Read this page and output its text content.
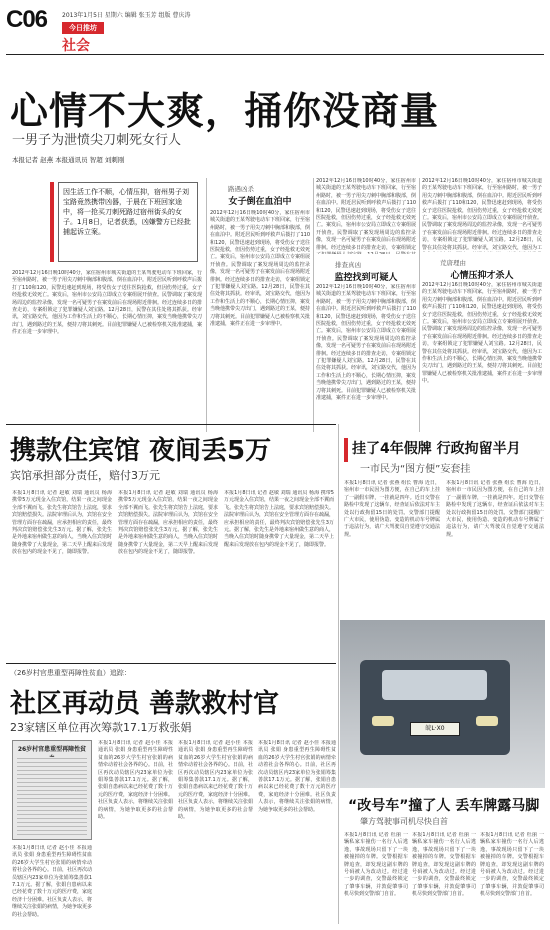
C06 2013年1月5日 星期六 编辑 张玉芳 组版 曹庆涛
今日推坊
社会
心情不大爽，捅你没商量
一男子为泄愤尖刀刺死女行人
本报记者 赵燕 本报通讯员 智超 刘刺刚
因生活工作不顺，心情压抑，宿州男子刘宝路竟然携带凶器，于晨在下班回家途中，将一抢买刀刺死路过宿州街头的女子。1月8日，记者获悉，凶嫌警方已经批捕起诉立案。
路遇凶杀
女子倒在血泊中
2012年12月16日晚10时40分，家住宿州市城关街道的王某驾驶电动车下班回家，行至宿州路时，被一男子用尖刀刺中胸部和腹部，倒在血泊中。附近居民听到呼救声后拨打了110和120，民警迅速赶到现场，将受伤女子送往医院抢救，但因伤势过重，女子经抢救无效死亡。案发后，宿州市公安局立即成立专案组展开侦查。民警调取了案发现场周边的监控录像，发现一名可疑男子在案发前后在现场附近徘徊。经过连续多日的排查走访，专案组锁定了犯罪嫌疑人刘宝路。12月28日，民警在其住处将其抓获。经审讯，刘宝路交代，他因为工作和生活上的不顺心，长期心情压抑，案发当晚他携带尖刀出门，遇到路过的王某，便持刀将其刺死。目前犯罪嫌疑人已被检察机关批准逮捕，案件正在进一步审理中。
2012年12月16日晚10时40分，家住宿州市城关街道的王某驾驶电动车下班回家，行至宿州路时，被一男子用尖刀刺中胸部和腹部，倒在血泊中。附近居民听到呼救声后拨打了110和120，民警迅速赶到现场，将受伤女子送往医院抢救，但因伤势过重，女子经抢救无效死亡。案发后，宿州市公安局立即成立专案组展开侦查。民警调取了案发现场周边的监控录像，发现一名可疑男子在案发前后在现场附近徘徊。经过连续多日的排查走访，专案组锁定
排查真凶
监控找到可疑人
2012年12月16日晚10时40分，家住宿州市城关街道的王某驾驶电动车下班回家，行至宿州路时，被一男子用尖刀刺中胸部和腹部，倒在血泊中。附近居民听到呼救声后拨打了110和120，民警迅速赶到现场，将受伤女子送往医院抢救，但因伤势过重，女子经抢救无效死亡。案发后，宿州市公安局立即成立专案组展开侦查。民警调取了案发现场周边的监控录像，发现一名可疑男子在案发前后在现场附近徘徊。经过连续多日的排查走访，专案组锁定了犯罪嫌疑人刘宝路。12月28日，民警在其住处将其抓获。经审讯，刘宝路交代，他因为工作和生活上的不顺心，长期心情压抑，案发当晚他携带尖刀出门，遇到路过的王某，便持刀将其刺死。目前犯罪嫌疑人已被检察机关批准逮捕，案件正在进一步审理中。
2012年12月16日晚10时40分，家住宿州市城关街道的王某驾驶电动车下班回家，行至宿州路时，被一男子用尖刀刺中胸部和腹部，倒在血泊中。附近居民听到呼救声后拨打了110和120，民警迅速赶到现场，将受伤女子送往医院抢救，但因伤势过重，女子经抢救无效死亡。案发后，宿州市公安局立即成立专案组展开侦查。民警调取了案发现场周边的监控录像，发现一名可疑男子在案发前后在现场附近徘徊。经过连续多日的排查走访，专案组锁定了犯罪嫌疑人刘宝路。12月28日，民警在其住处将其抓获。经审讯，刘宝路交代，他因为工
荒唐理由
心情压抑才杀人
2012年12月16日晚10时40分，家住宿州市城关街道的王某驾驶电动车下班回家，行至宿州路时，被一男子用尖刀刺中胸部和腹部，倒在血泊中。附近居民听到呼救声后拨打了110和120，民警迅速赶到现场，将受伤女子送往医院抢救，但因伤势过重，女子经抢救无效死亡。案发后，宿州市公安局立即成立专案组展开侦查。民警调取了案发现场周边的监控录像，发现一名可疑男子在案发前后在现场附近徘徊。经过连续多日的排查走访，专案组锁定了犯罪嫌疑人刘宝路。12月28日，民警在其住处将其抓获。经审讯，刘宝路交代，他因为工作和生活上的不顺心，长期心情压抑，案发当晚他携带尖刀出门，遇到路过的王某，便持刀将其刺死。目前犯罪嫌疑人已被检察机关批准逮捕，案件正在进一步审理中。
2012年12月16日晚10时40分，家住宿州市城关街道的王某驾驶电动车下班回家，行至宿州路时，被一男子用尖刀刺中胸部和腹部，倒在血泊中。附近居民听到呼救声后拨打了110和120，民警迅速赶到现场，将受伤女子送往医院抢救，但因伤势过重，女子经抢救无效死亡。案发后，宿州市公安局立即成立专案组展开侦查。民警调取了案发现场周边的监控录像，发现一名可疑男子在案发前后在现场附近徘徊。经过连续多日的排查走访，专案组锁定了犯罪嫌疑人刘宝路。12月28日，民警在其住处将其抓获。经审讯，刘宝路交代，他因为工作和生活上的不顺心，长期心情压抑，案发当晚他携带尖刀出门，遇到路过的王某，便持刀将其刺死。目前犯罪嫌疑人已被检察机关批准逮捕，案件正在进一步审理中。
携款住宾馆 夜间丢5万
宾馆承担部分责任，赔付3万元
本报1月8日讯 记者 赵敏 刘瑞 通讯员 杨海 携带5万元现金入住宾馆，结果一夜之间现金全部不翼而飞。张先生将宾馆告上法庭，要求宾馆赔偿损失。法院审理后认为，宾馆在安全管理方面存在疏漏，应承担相应的责任，最终判决宾馆赔偿张先生3万元。据了解，张先生是外地来宿州做生意的商人，当晚入住宾馆时随身携带了大量现金，第二天早上醒来后发现放在包内的现金不见了，随即报警。
本报1月8日讯 记者 赵敏 刘瑞 通讯员 杨海 携带5万元现金入住宾馆，结果一夜之间现金全部不翼而飞。张先生将宾馆告上法庭，要求宾馆赔偿损失。法院审理后认为，宾馆在安全管理方面存在疏漏，应承担相应的责任，最终判决宾馆赔偿张先生3万元。据了解，张先生是外地来宿州做生意的商人，当晚入住宾馆时随身携带了大量现金，第二天早上醒来后发现放在包内的现金不见了，随即报警。
本报1月8日讯 记者 赵敏 刘瑞 通讯员 杨海 携带5万元现金入住宾馆，结果一夜之间现金全部不翼而飞。张先生将宾馆告上法庭，要求宾馆赔偿损失。法院审理后认为，宾馆在安全管理方面存在疏漏，应承担相应的责任，最终判决宾馆赔偿张先生3万元。据了解，张先生是外地来宿州做生意的商人，当晚入住宾馆时随身携带了大量现金，第二天早上醒来后发现放在包内的现金不见了，随即报警。
挂了4年假牌 行政拘留半月
一市民为“图方便”妄套挂
本报1月8日讯 记者 张燕 组长 曹海 近日，宿州市一市民因为图方便，在自己的车上挂了一副假车牌，一挂就是四年。近日交警在路检中发现了这辆车，经查证后依法对车主处以行政拘留15日的处罚。交警部门提醒广大市民，使用伪造、变造的机动车号牌属于违法行为，请广大驾驶员自觉遵守交通法规。
本报1月8日讯 记者 张燕 组长 曹海 近日，宿州市一市民因为图方便，在自己的车上挂了一副假车牌，一挂就是四年。近日交警在路检中发现了这辆车，经查证后依法对车主处以行政拘留15日的处罚。交警部门提醒广大市民，使用伪造、变造的机动车号牌属于违法行为，请广大驾驶员自觉遵守交通法规。
（26岁村官患重型再障性贫血）追踪：
社区再动员 善款救村官
23家辖区单位再次筹款17.1万救张娟
26岁村官患重型再障性贫
本报1月8日讯 记者 赵小佳 本报通讯员 张娟 身患重型再生障碍性贫血的26岁大学生村官张娟的病情牵动着社会各界的心。日前，社区再次动员辖区内23家单位为张娟筹集善款17.1万元。据了解，张娟自患病以来已经花费了数十万元的医疗费，家庭经济十分困难。社区负责人表示，将继续关注张娟的病情，为她争取更多的社会帮助。
本报1月8日讯 记者 赵小佳 本报通讯员 张娟 身患重型再生障碍性贫血的26岁大学生村官张娟的病情牵动着社会各界的心。日前，社区再次动员辖区内23家单位为张娟筹集善款17.1万元。据了解，张娟自患病以来已经花费了数十万元的医疗费，家庭经济十分困难。社区负责人表示，将继续关注张娟的病情，为她争取更多的社会帮助。
本报1月8日讯 记者 赵小佳 本报通讯员 张娟 身患重型再生障碍性贫血的26岁大学生村官张娟的病情牵动着社会各界的心。日前，社区再次动员辖区内23家单位为张娟筹集善款17.1万元。据了解，张娟自患病以来已经花费了数十万元的医疗费，家庭经济十分困难。社区负责人表示，将继续关注张娟的病情，为她争取更多的社会帮助。
本报1月8日讯 记者 赵小佳 本报通讯员 张娟 身患重型再生障碍性贫血的26岁大学生村官张娟的病情牵动着社会各界的心。日前，社区再次动员辖区内23家单位为张娟筹集善款17.1万元。据了解，张娟自患病以来已经花费了数十万元的医疗费，家庭经济十分困难。社区负责人表示，将继续关注张娟的病情，为她争取更多的社会帮助。
皖L·X0
“改号车”撞了人 丢车牌露马脚
肇方驾驶事司机尽快自首
本报1月8日讯 记者 杜丽 一辆私家车撞伤一名行人后逃逸，事故现场只留下了一块被撞掉的车牌。交警根据车牌追查，却发现这副车牌的号码被人为改动过。经过进一步的调查，交警最终锁定了肇事车辆，并敦促肇事司机尽快到交警部门自首。
本报1月8日讯 记者 杜丽 一辆私家车撞伤一名行人后逃逸，事故现场只留下了一块被撞掉的车牌。交警根据车牌追查，却发现这副车牌的号码被人为改动过。经过进一步的调查，交警最终锁定了肇事车辆，并敦促肇事司机尽快到交警部门自首。
本报1月8日讯 记者 杜丽 一辆私家车撞伤一名行人后逃逸，事故现场只留下了一块被撞掉的车牌。交警根据车牌追查，却发现这副车牌的号码被人为改动过。经过进一步的调查，交警最终锁定了肇事车辆，并敦促肇事司机尽快到交警部门自首。
